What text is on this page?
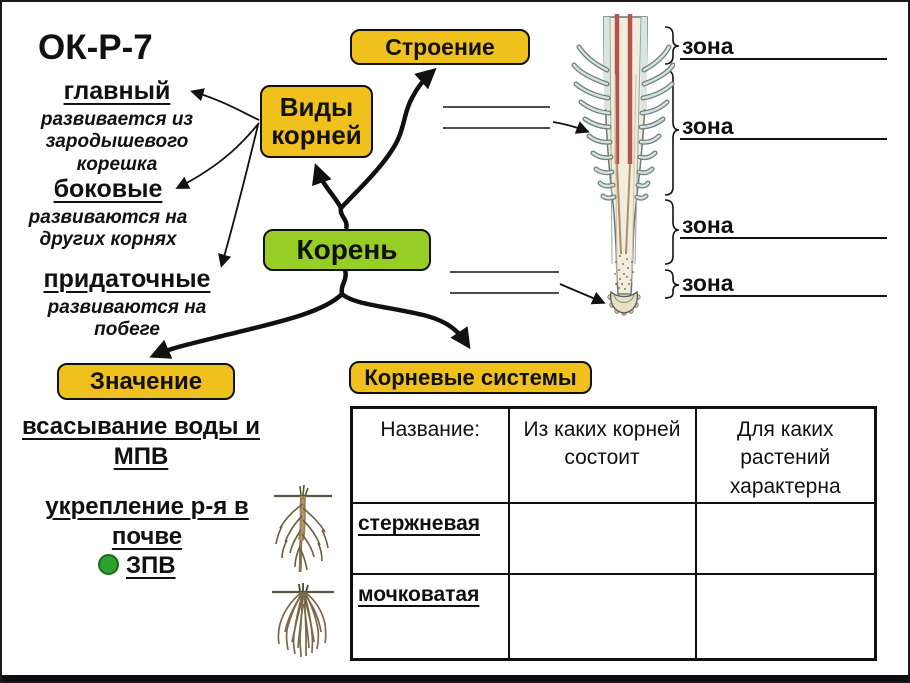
ОК-Р-7	Строение
Виды корней
Корень
Значение	Корневые системы
главный
развивается из зародышевого корешка
боковые
развиваются на других корнях
придаточные
развиваются на побеге
всасывание воды и МПВ
укрепление р-я в почве
ЗПВ
зона
зона
зона
зона
Название:	Из каких корней состоит	Для каких растений характерна
стержневая		
мочковатая		
